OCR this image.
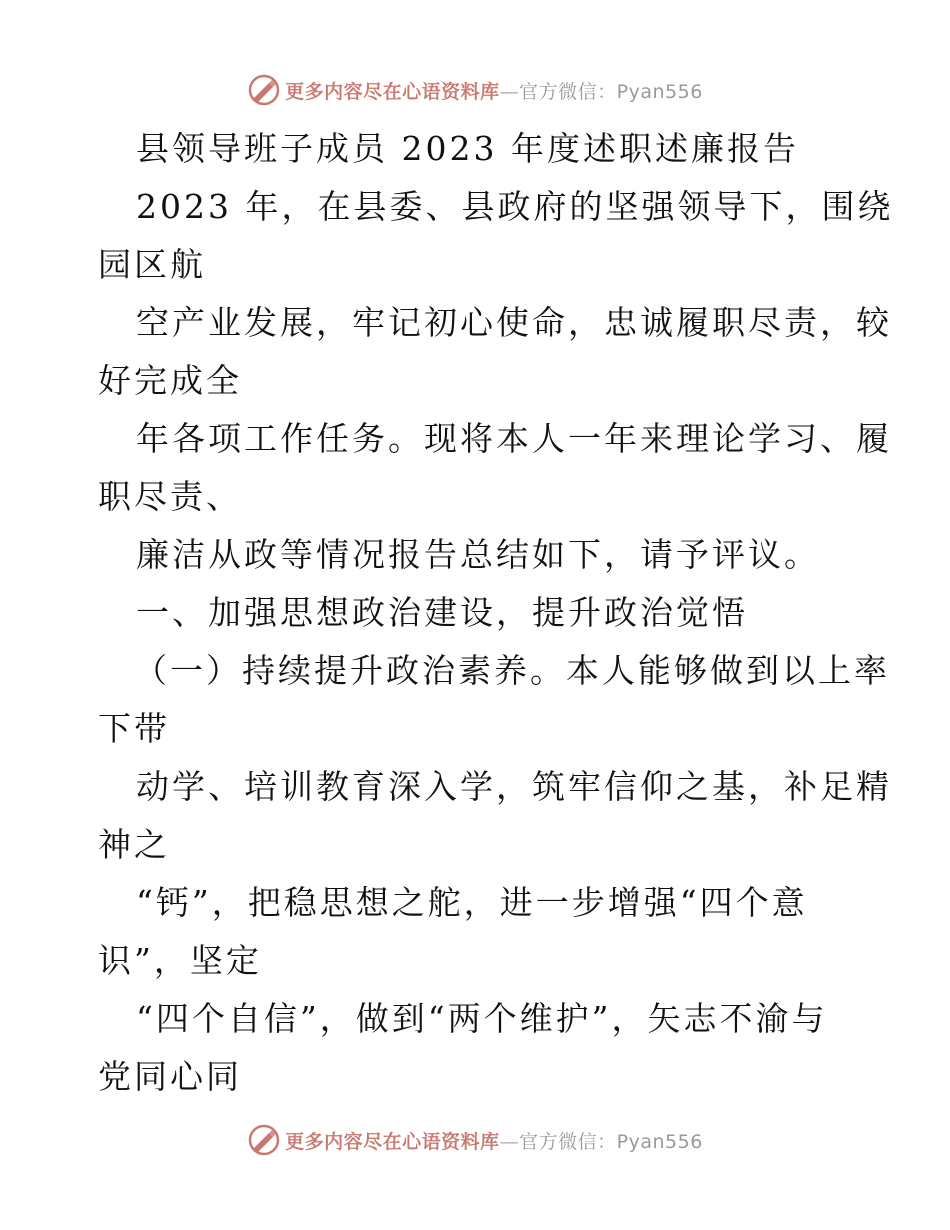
更多内容尽在心语资料库—官方微信：Pyan556
县领导班子成员 2023 年度述职述廉报告
2023 年，在县委、县政府的坚强领导下，围绕
园区航
空产业发展，牢记初心使命，忠诚履职尽责，较
好完成全
年各项工作任务。现将本人一年来理论学习、履
职尽责、
廉洁从政等情况报告总结如下，请予评议。
一、加强思想政治建设，提升政治觉悟
（一）持续提升政治素养。本人能够做到以上率
下带
动学、培训教育深入学，筑牢信仰之基，补足精
神之
“钙”，把稳思想之舵，进一步增强“四个意
识”，坚定
“四个自信”，做到“两个维护”，矢志不渝与
党同心同
更多内容尽在心语资料库—官方微信：Pyan556
